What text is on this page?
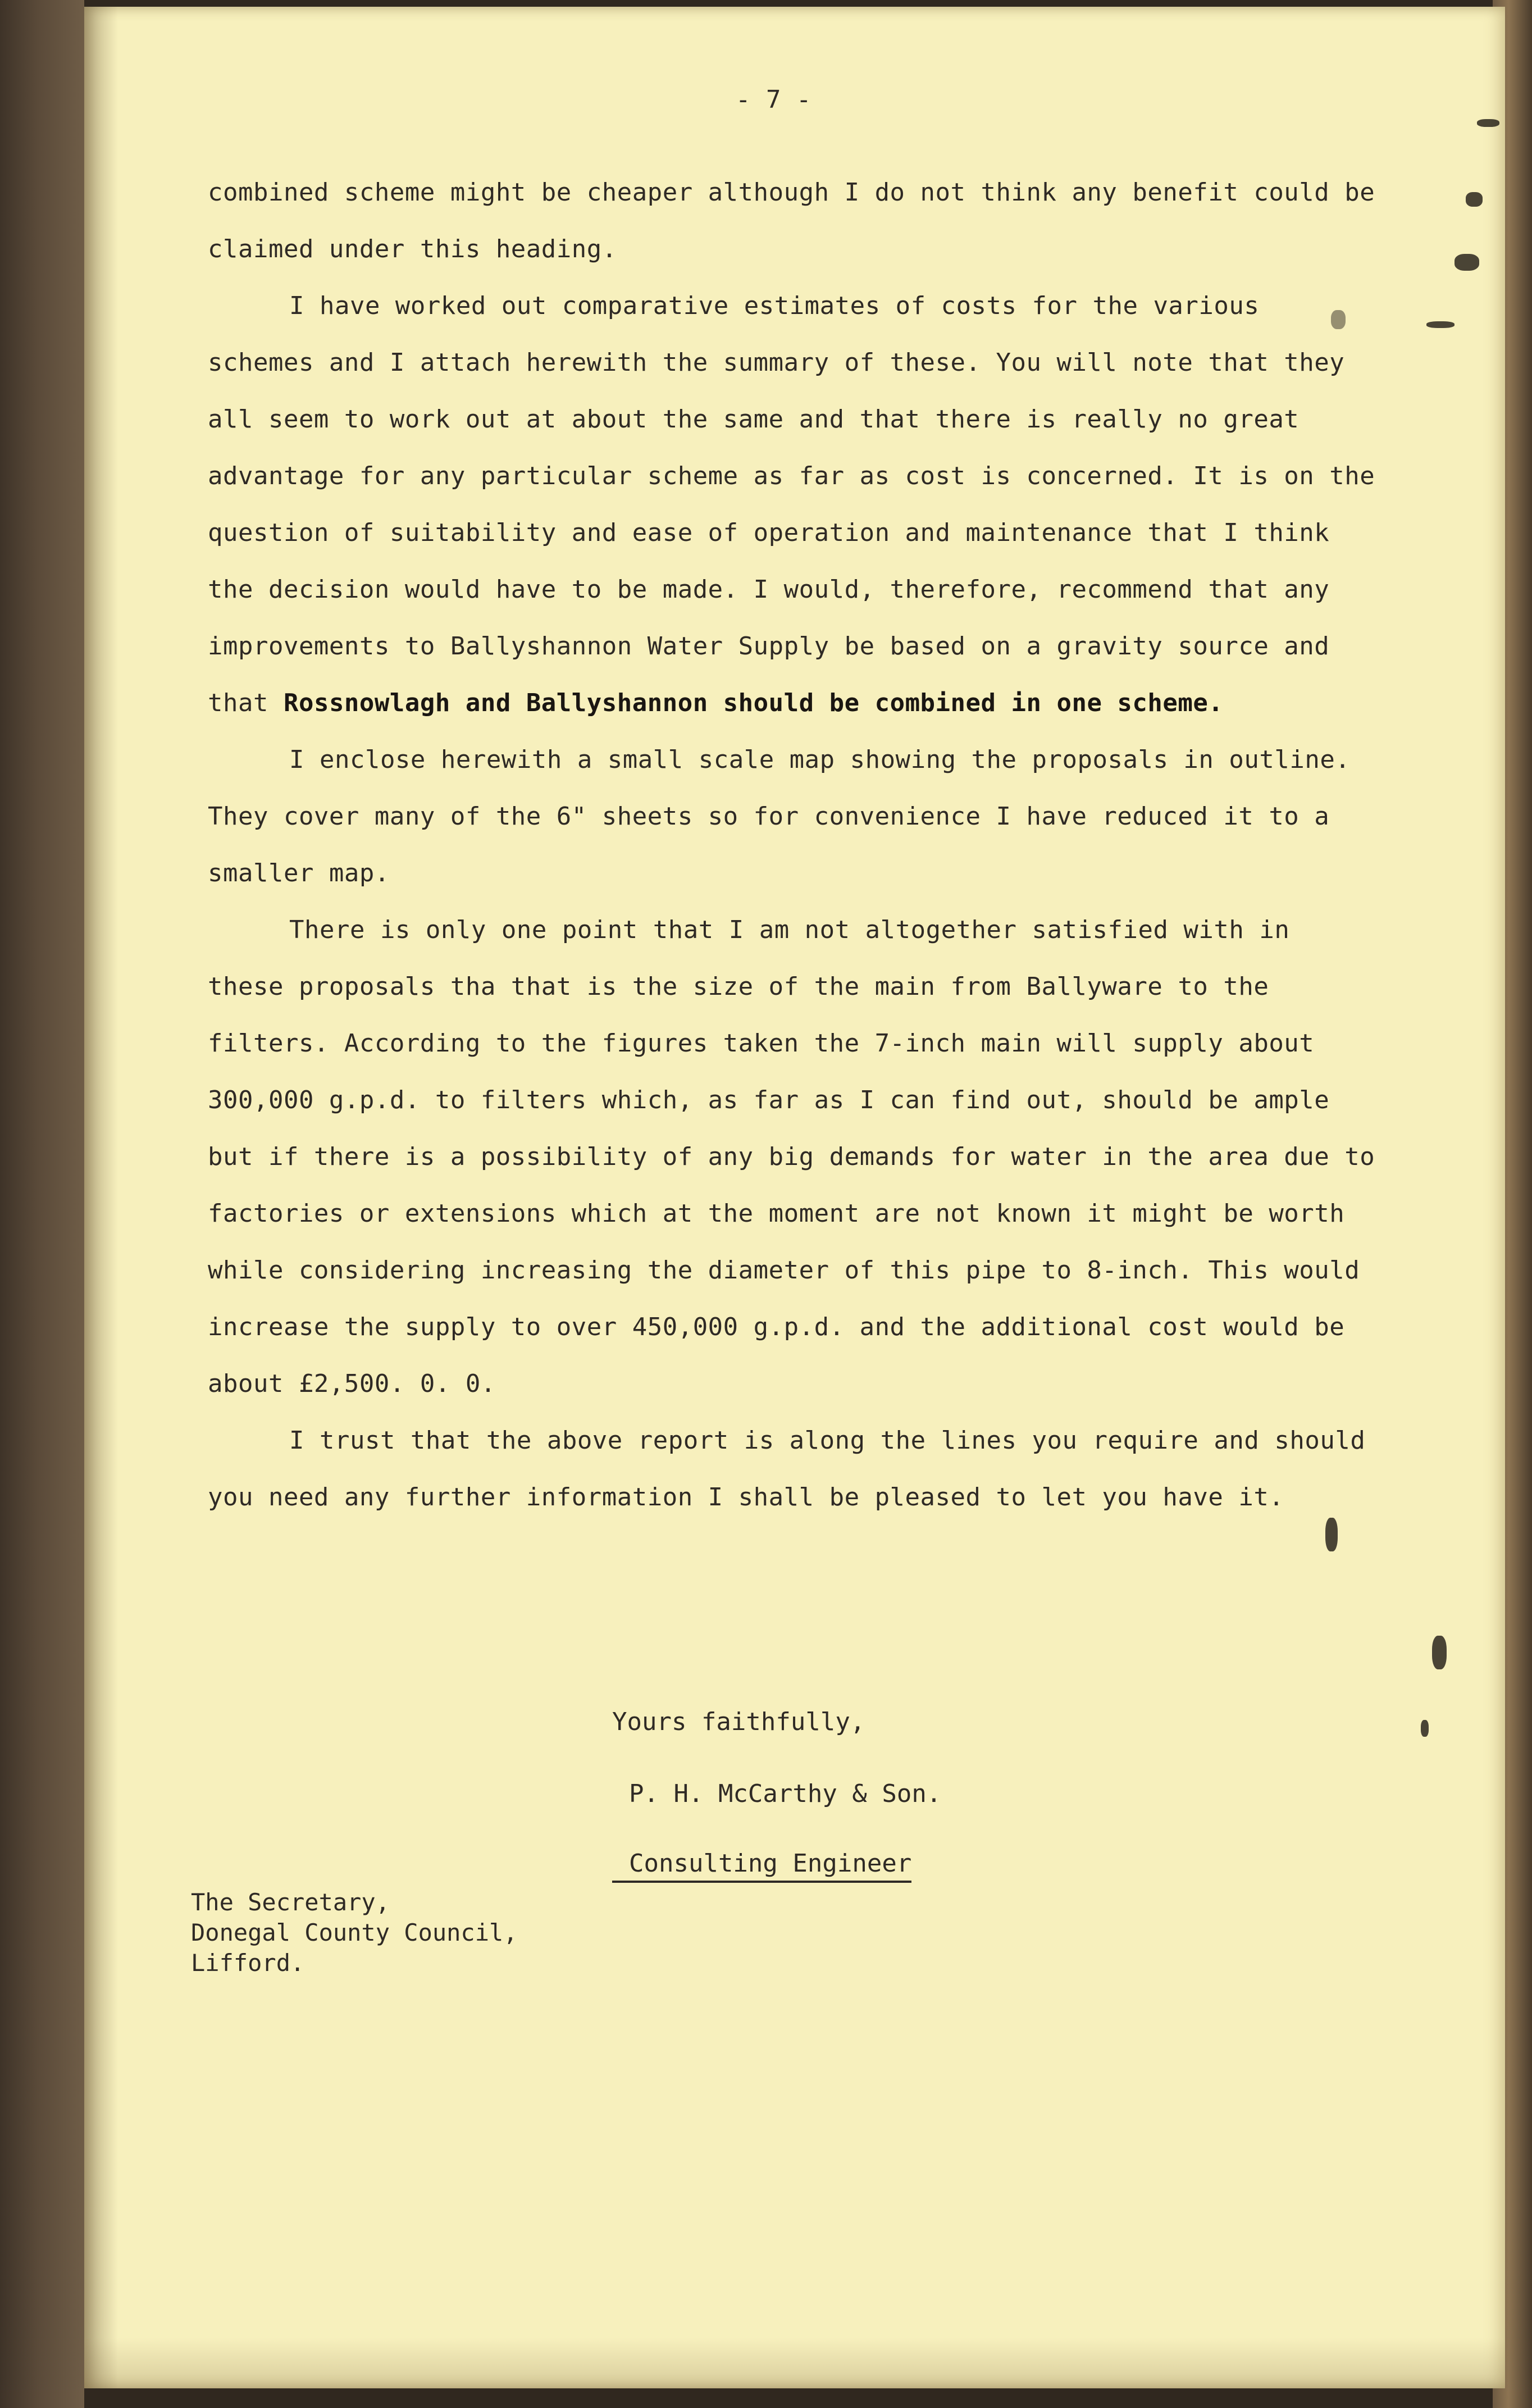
- 7 -

combined scheme might be cheaper although I do not think any benefit could be claimed under this heading.

I have worked out comparative estimates of costs for the various schemes and I attach herewith the summary of these. You will note that they all seem to work out at about the same and that there is really no great advantage for any particular scheme as far as cost is concerned. It is on the question of suitability and ease of operation and maintenance that I think the decision would have to be made. I would, therefore, recommend that any improvements to Ballyshannon Water Supply be based on a gravity source and that Rossnowlagh and Ballyshannon should be combined in one scheme.

I enclose herewith a small scale map showing the proposals in outline. They cover many of the 6" sheets so for convenience I have reduced it to a smaller map.

There is only one point that I am not altogether satisfied with in these proposals tha that is the size of the main from Ballyware to the filters. According to the figures taken the 7-inch main will supply about 300,000 g.p.d. to filters which, as far as I can find out, should be ample but if there is a possibility of any big demands for water in the area due to factories or extensions which at the moment are not known it might be worth while considering increasing the diameter of this pipe to 8-inch. This would increase the supply to over 450,000 g.p.d. and the additional cost would be about £2,500. 0. 0.

I trust that the above report is along the lines you require and should you need any further information I shall be pleased to let you have it.

Yours faithfully,
P. H. McCarthy & Son.
Consulting Engineer
The Secretary,
Donegal County Council,
Lifford.
